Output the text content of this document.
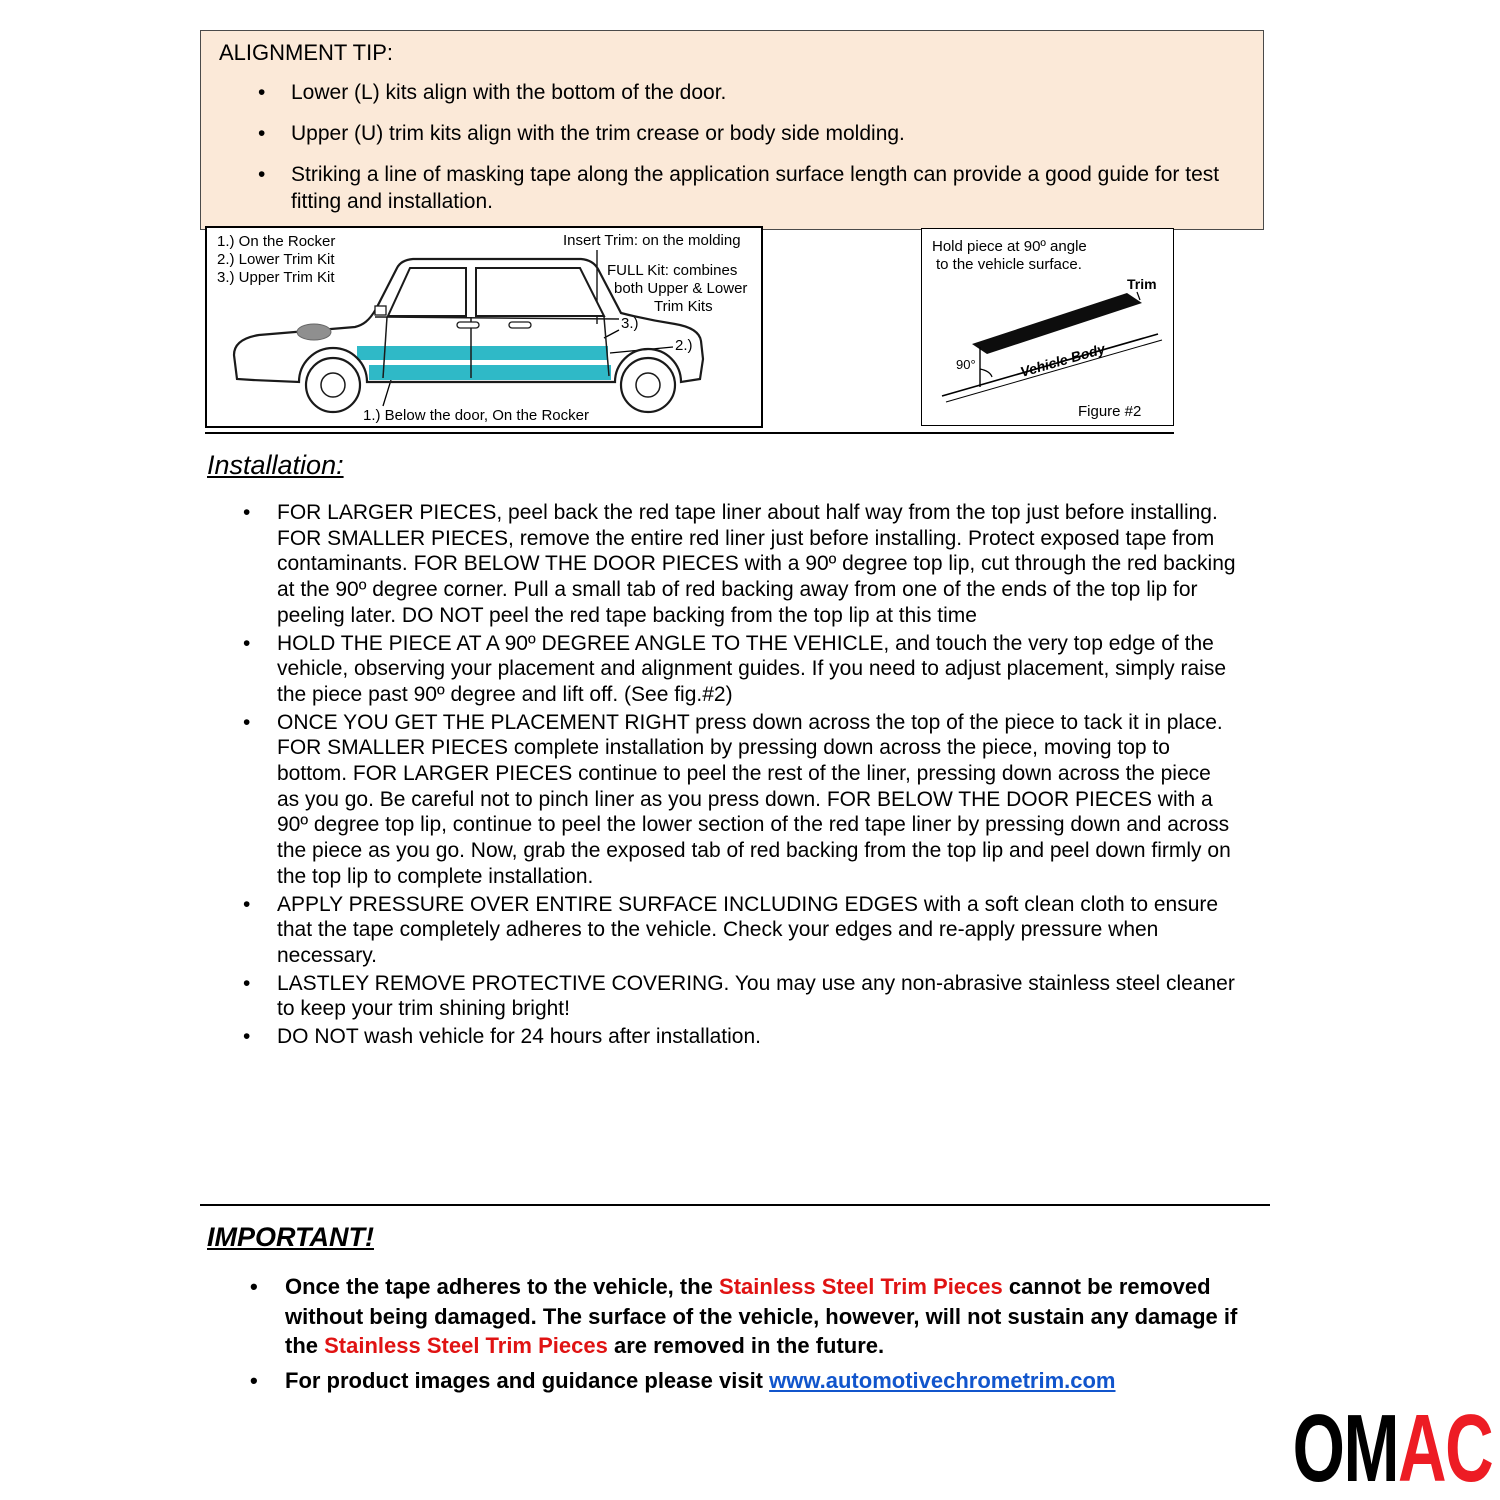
ALIGNMENT TIP:
• Lower (L) kits align with the bottom of the door.
• Upper (U) trim kits align with the trim crease or body side molding.
• Striking a line of masking tape along the application surface length can provide a good guide for test fitting and installation.
1.) On the Rocker
2.) Lower Trim Kit
3.) Upper Trim Kit
Insert Trim: on the molding
FULL Kit: combines
both Upper & Lower
Trim Kits
3.)
2.)
1.) Below the door, On the Rocker
Hold piece at 90º angle
to the vehicle surface.
Trim
90°	Vehicle Body
Figure #2
Installation:
• FOR LARGER PIECES, peel back the red tape liner about half way from the top just before installing. FOR SMALLER PIECES, remove the entire red liner just before installing. Protect exposed tape from contaminants. FOR BELOW THE DOOR PIECES with a 90º degree top lip, cut through the red backing at the 90º degree corner. Pull a small tab of red backing away from one of the ends of the top lip for peeling later. DO NOT peel the red tape backing from the top lip at this time
• HOLD THE PIECE AT A 90º DEGREE ANGLE TO THE VEHICLE, and touch the very top edge of the vehicle, observing your placement and alignment guides. If you need to adjust placement, simply raise the piece past 90º degree and lift off. (See fig.#2)
• ONCE YOU GET THE PLACEMENT RIGHT press down across the top of the piece to tack it in place. FOR SMALLER PIECES complete installation by pressing down across the piece, moving top to bottom. FOR LARGER PIECES continue to peel the rest of the liner, pressing down across the piece as you go. Be careful not to pinch liner as you press down. FOR BELOW THE DOOR PIECES with a 90º degree top lip, continue to peel the lower section of the red tape liner by pressing down and across the piece as you go. Now, grab the exposed tab of red backing from the top lip and peel down firmly on the top lip to complete installation.
• APPLY PRESSURE OVER ENTIRE SURFACE INCLUDING EDGES with a soft clean cloth to ensure that the tape completely adheres to the vehicle. Check your edges and re-apply pressure when necessary.
• LASTLEY REMOVE PROTECTIVE COVERING. You may use any non-abrasive stainless steel cleaner to keep your trim shining bright!
• DO NOT wash vehicle for 24 hours after installation.
IMPORTANT!
• Once the tape adheres to the vehicle, the Stainless Steel Trim Pieces cannot be removed without being damaged. The surface of the vehicle, however, will not sustain any damage if the Stainless Steel Trim Pieces are removed in the future.
• For product images and guidance please visit www.automotivechrometrim.com
OMAC
